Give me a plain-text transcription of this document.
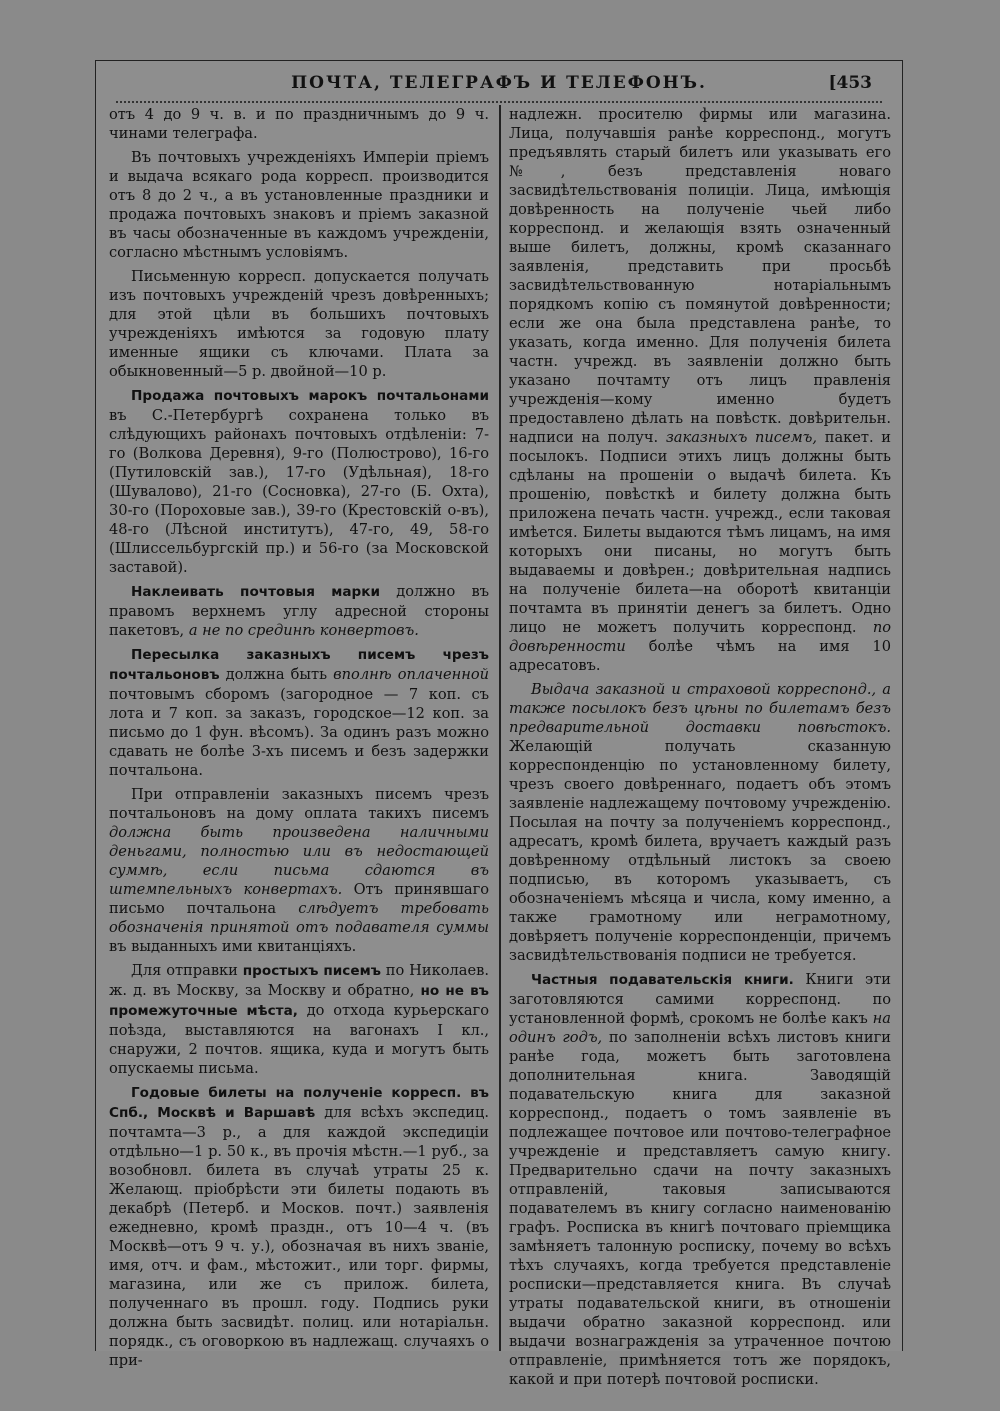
ПОЧТА, ТЕЛЕГРАФЪ И ТЕЛЕФОНЪ.	[453

отъ 4 до 9 ч. в. и по праздничнымъ до 9 ч. чинами телеграфа.

Въ почтовыхъ учрежденiяхъ Имперiи прiемъ и выдача всякаго рода корресп. производится отъ 8 до 2 ч., а въ установленные праздники и продажа почтовыхъ знаковъ и прiемъ заказной въ часы обозначенные въ каждомъ учрежденiи, согласно мѣстнымъ условiямъ.

Письменную корресп. допускается получать изъ почтовыхъ учрежденiй чрезъ довѣренныхъ; для этой цѣли въ большихъ почтовыхъ учрежденiяхъ имѣются за годовую плату именные ящики съ ключами. Плата за обыкновенный—5 р. двойной—10 р.

Продажа почтовыхъ марокъ почтальонами въ С.-Петербургѣ сохранена только въ слѣдующихъ районахъ почтовыхъ отдѣленiи: 7-го (Волкова Деревня), 9-го (Полюстрово), 16-го (Путиловскiй зав.), 17-го (Удѣльная), 18-го (Шувалово), 21-го (Сосновка), 27-го (Б. Охта), 30-го (Пороховые зав.), 39-го (Крестовскiй о-въ), 48-го (Лѣсной институтъ), 47-го, 49, 58-го (Шлиссельбургскiй пр.) и 56-го (за Московской заставой).

Наклеивать почтовыя марки должно въ правомъ верхнемъ углу адресной стороны пакетовъ, а не по срединѣ конвертовъ.

Пересылка заказныхъ писемъ чрезъ почтальоновъ должна быть вполнѣ оплаченной почтовымъ сборомъ (загородное — 7 коп. съ лота и 7 коп. за заказъ, городское—12 коп. за письмо до 1 фун. вѣсомъ). За одинъ разъ можно сдавать не болѣе 3-хъ писемъ и безъ задержки почтальона.

При отправленiи заказныхъ писемъ чрезъ почтальоновъ на дому оплата такихъ писемъ должна быть произведена наличными деньгами, полностью или въ недостающей суммѣ, если письма сдаются въ штемпельныхъ конвертахъ. Отъ принявшаго письмо почтальона слѣдуетъ требовать обозначенiя принятой отъ подавателя суммы въ выданныхъ ими квитанцiяхъ.

Для отправки простыхъ писемъ по Николаев. ж. д. въ Москву, за Москву и обратно, но не въ промежуточные мѣста, до отхода курьерскаго поѣзда, выставляются на вагонахъ I кл., снаружи, 2 почтов. ящика, куда и могутъ быть опускаемы письма.

Годовые билеты на полученiе корресп. въ Спб., Москвѣ и Варшавѣ для всѣхъ экспедиц. почтамта—3 р., а для каждой экспедицiи отдѣльно—1 р. 50 к., въ прочiя мѣстн.—1 руб., за возобновл. билета въ случаѣ утраты 25 к. Желающ. прiобрѣсти эти билеты подають въ декабрѣ (Петерб. и Москов. почт.) заявленiя ежедневно, кромѣ праздн., отъ 10—4 ч. (въ Москвѣ—отъ 9 ч. у.), обозначая въ нихъ званiе, имя, отч. и фам., мѣстожит., или торг. фирмы, магазина, или же съ прилож. билета, полученнаго въ прошл. году. Подпись руки должна быть засвидѣт. полиц. или нотарiальн. порядк., съ оговоркою въ надлежащ. случаяхъ о при-

надлежн. просителю фирмы или магазина. Лица, получавшiя ранѣе корреспонд., могутъ предъявлять старый билетъ или указывать его №, безъ представленiя новаго засвидѣтельствованiя полицiи. Лица, имѣющiя довѣренность на полученiе чьей либо корреспонд. и желающiя взять означенный выше билетъ, должны, кромѣ сказаннаго заявленiя, представить при просьбѣ засвидѣтельствованную нотарiальнымъ порядкомъ копiю съ помянутой довѣренности; если же она была представлена ранѣе, то указать, когда именно. Для полученiя билета частн. учрежд. въ заявленiи должно быть указано почтамту отъ лицъ правленiя учрежденiя—кому именно будетъ предоставлено дѣлать на повѣстк. довѣрительн. надписи на получ. заказныхъ писемъ, пакет. и посылокъ. Подписи этихъ лицъ должны быть сдѣланы на прошенiи о выдачѣ билета. Къ прошенiю, повѣсткѣ и билету должна быть приложена печать частн. учрежд., если таковая имѣется. Билеты выдаются тѣмъ лицамъ, на имя которыхъ они писаны, но могутъ быть выдаваемы и довѣрен.; довѣрительная надпись на полученiе билета—на оборотѣ квитанцiи почтамта въ принятiи денегъ за билетъ. Одно лицо не можетъ получить корреспонд. по довѣренности болѣе чѣмъ на имя 10 адресатовъ.

Выдача заказной и страховой корреспонд., а также посылокъ безъ цѣны по билетамъ безъ предварительной доставки повѣстокъ. Желающiй получать сказанную корреспонденцiю по установленному билету, чрезъ своего довѣреннаго, подаетъ объ этомъ заявленiе надлежащему почтовому учрежденiю. Посылая на почту за полученiемъ корреспонд., адресатъ, кромѣ билета, вручаетъ каждый разъ довѣренному отдѣльный листокъ за своею подписью, въ которомъ указываетъ, съ обозначенiемъ мѣсяца и числа, кому именно, а также грамотному или неграмотному, довѣряетъ полученiе корреспонденцiи, причемъ засвидѣтельствованiя подписи не требуется.

Частныя подавательскiя книги. Книги эти заготовляются самими корреспонд. по установленной формѣ, срокомъ не болѣе какъ на одинъ годъ, по заполненiи всѣхъ листовъ книги ранѣе года, можетъ быть заготовлена дополнительная книга. Заводящiй подавательскую книга для заказной корреспонд., подаетъ о томъ заявленiе въ подлежащее почтовое или почтово-телеграфное учрежденiе и представляетъ самую книгу. Предварительно сдачи на почту заказныхъ отправленiй, таковыя записываются подавателемъ въ книгу согласно наименованiю графъ. Росписка въ книгѣ почтоваго прiемщика замѣняетъ талонную росписку, почему во всѣхъ тѣхъ случаяхъ, когда требуется представленiе росписки—представляется книга. Въ случаѣ утраты подавательской книги, въ отношенiи выдачи обратно заказной корреспонд. или выдачи вознагражденiя за утраченное почтою отправленiе, примѣняется тотъ же порядокъ, какой и при потерѣ почтовой росписки.
